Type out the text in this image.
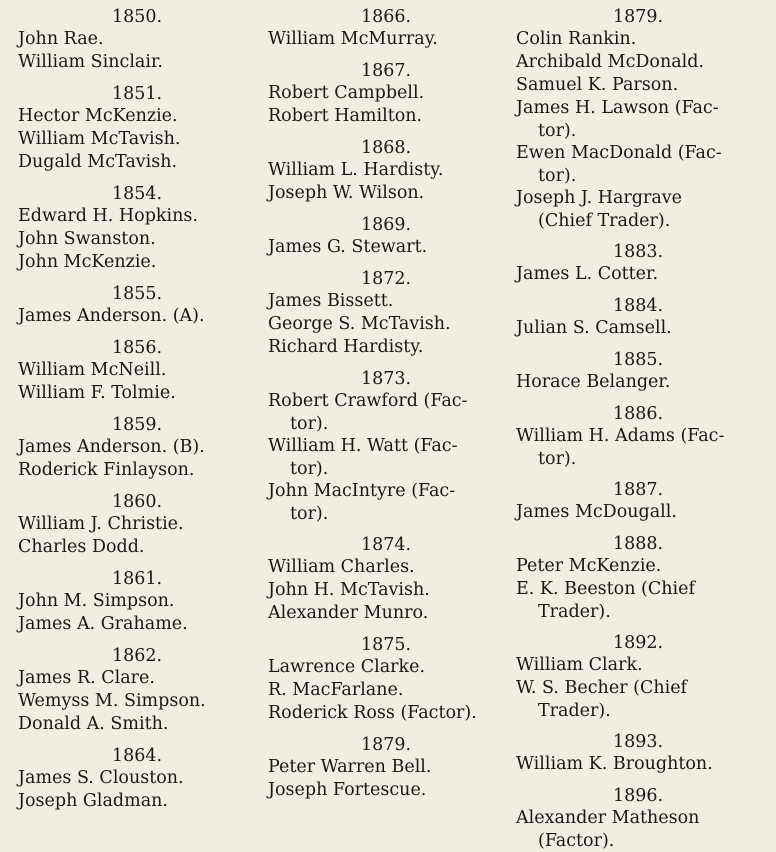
1850.
John Rae.
William Sinclair.
1851.
Hector McKenzie.
William McTavish.
Dugald McTavish.
1854.
Edward H. Hopkins.
John Swanston.
John McKenzie.
1855.
James Anderson. (A).
1856.
William McNeill.
William F. Tolmie.
1859.
James Anderson. (B).
Roderick Finlayson.
1860.
William J. Christie.
Charles Dodd.
1861.
John M. Simpson.
James A. Grahame.
1862.
James R. Clare.
Wemyss M. Simpson.
Donald A. Smith.
1864.
James S. Clouston.
Joseph Gladman.
1866.
William McMurray.
1867.
Robert Campbell.
Robert Hamilton.
1868.
William L. Hardisty.
Joseph W. Wilson.
1869.
James G. Stewart.
1872.
James Bissett.
George S. McTavish.
Richard Hardisty.
1873.
Robert Crawford (Fac-
tor).
William H. Watt (Fac-
tor).
John MacIntyre (Fac-
tor).
1874.
William Charles.
John H. McTavish.
Alexander Munro.
1875.
Lawrence Clarke.
R. MacFarlane.
Roderick Ross (Factor).
1879.
Peter Warren Bell.
Joseph Fortescue.
1879.
Colin Rankin.
Archibald McDonald.
Samuel K. Parson.
James H. Lawson (Fac-
tor).
Ewen MacDonald (Fac-
tor).
Joseph J. Hargrave
(Chief Trader).
1883.
James L. Cotter.
1884.
Julian S. Camsell.
1885.
Horace Belanger.
1886.
William H. Adams (Fac-
tor).
1887.
James McDougall.
1888.
Peter McKenzie.
E. K. Beeston (Chief
Trader).
1892.
William Clark.
W. S. Becher (Chief
Trader).
1893.
William K. Broughton.
1896.
Alexander Matheson
(Factor).
